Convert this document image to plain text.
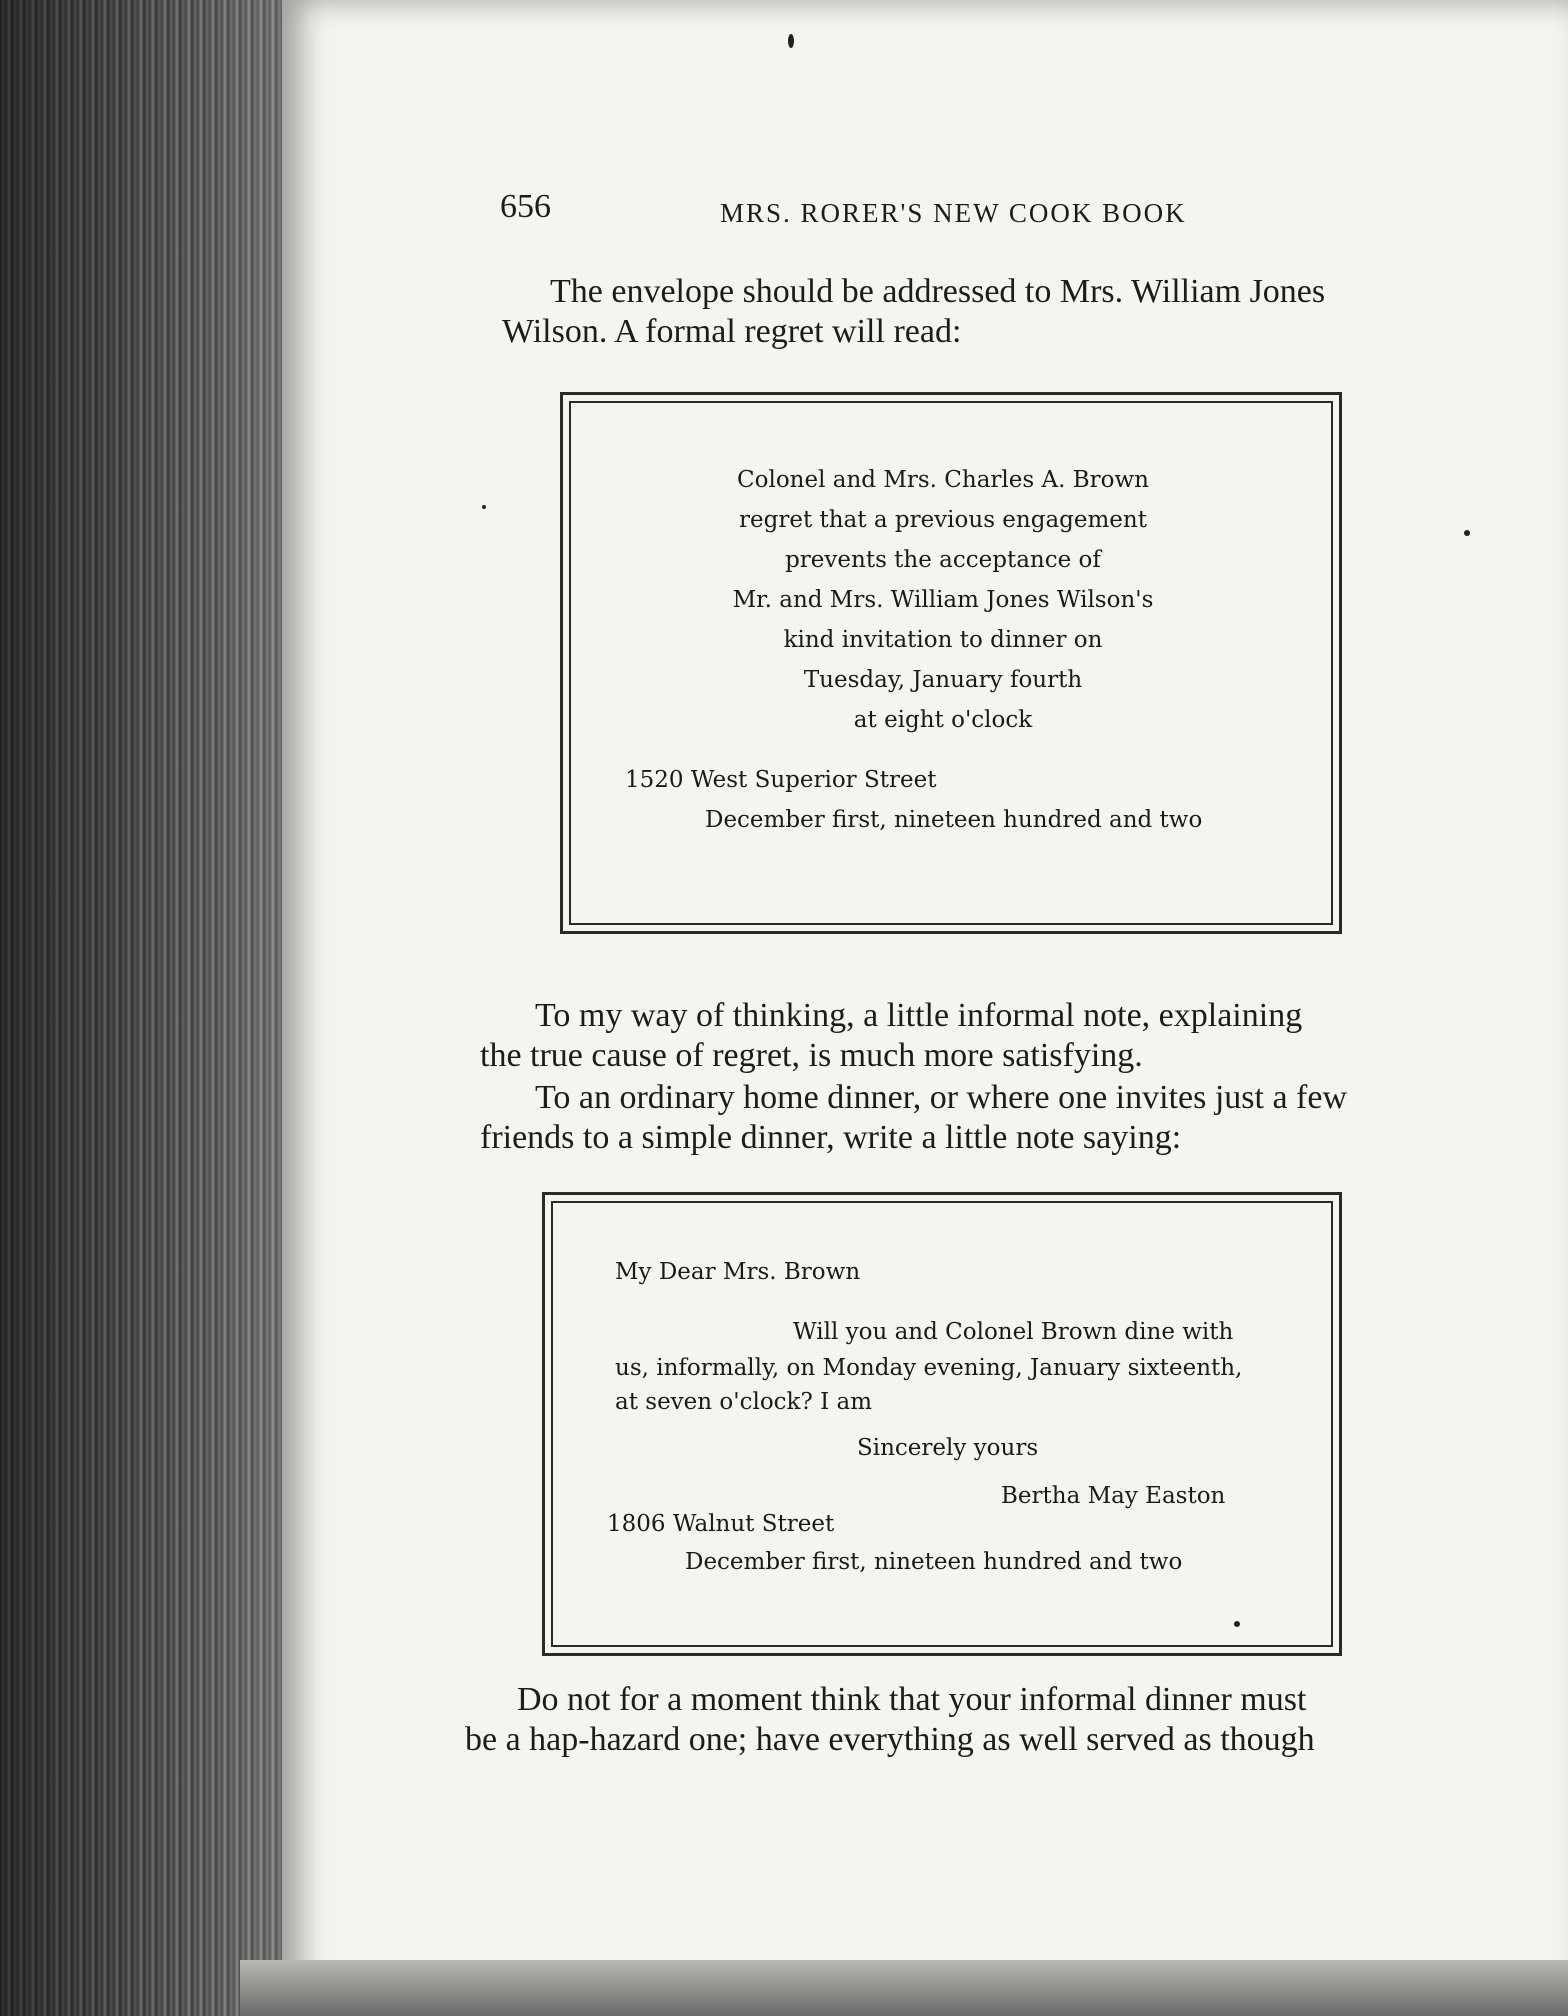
656	MRS. RORER'S NEW COOK BOOK
The envelope should be addressed to Mrs. William Jones
Wilson. A formal regret will read:
Colonel and Mrs. Charles A. Brown
regret that a previous engagement
prevents the acceptance of
Mr. and Mrs. William Jones Wilson's
kind invitation to dinner on
Tuesday, January fourth
at eight o'clock
1520 West Superior Street
December first, nineteen hundred and two
To my way of thinking, a little informal note, explaining
the true cause of regret, is much more satisfying.
To an ordinary home dinner, or where one invites just a few
friends to a simple dinner, write a little note saying:
My Dear Mrs. Brown
Will you and Colonel Brown dine with
us, informally, on Monday evening, January sixteenth,
at seven o'clock? I am
Sincerely yours
Bertha May Easton
1806 Walnut Street
December first, nineteen hundred and two
Do not for a moment think that your informal dinner must
be a hap-hazard one; have everything as well served as though
